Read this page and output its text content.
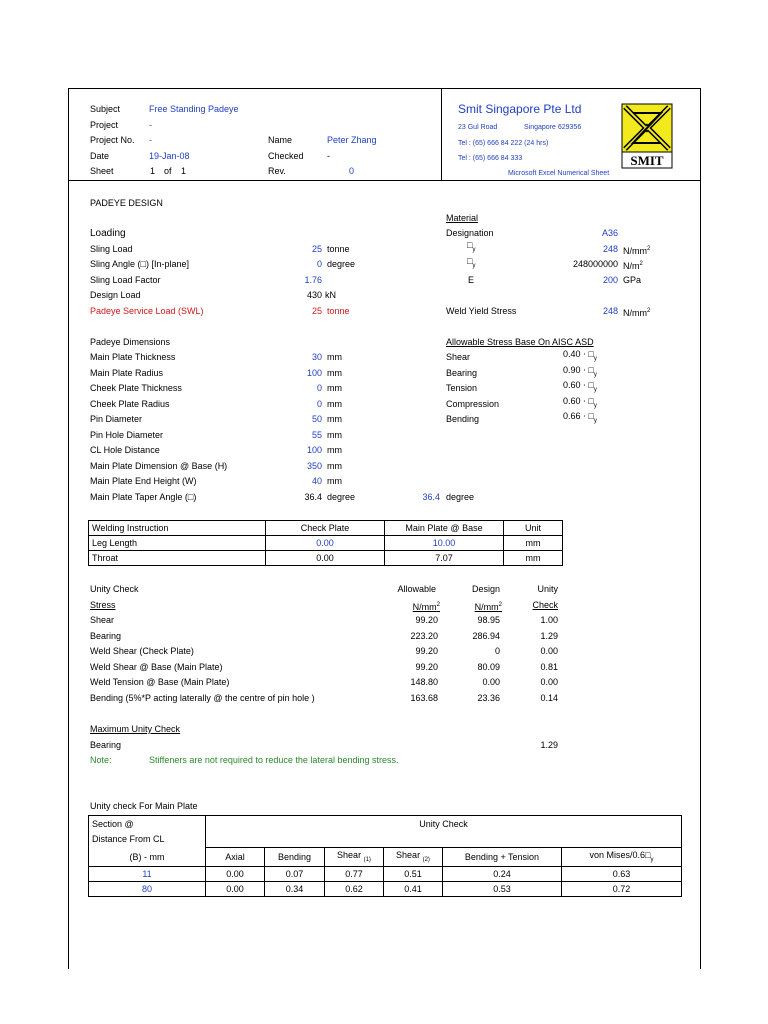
Subject	Free Standing Padeye
Project	-
Project No. -
Date	19-Jan-08
Sheet	1 of 1
Name	Peter Zhang
Checked	-
Rev.	0
Smit Singapore Pte Ltd
23 Gul Road	Singapore 629356
Tel : (65) 666 84 222 (24 hrs)
Tel : (65) 666 84 333
Microsoft Excel Numerical Sheet
SMIT
PADEYE DESIGN
Loading
Sling Load	25 tonne
Sling Angle (□) [In-plane]	0 degree
Sling Load Factor	1.76
Design Load	430 kN
Padeye Service Load (SWL)	25 tonne
Material
Designation	A36
$□_y$	248 $N/mm^2$
$□_y$	248000000 $N/m^2$
E	200 GPa
Weld Yield Stress	248 $N/mm^2$
Padeye Dimensions
Main Plate Thickness	30 mm
Main Plate Radius	100 mm
Cheek Plate Thickness	0 mm
Cheek Plate Radius	0 mm
Pin Diameter	50 mm
Pin Hole Diameter	55 mm
CL Hole Distance	100 mm
Main Plate Dimension @ Base (H)	350 mm
Main Plate End Height (W)	40 mm
Main Plate Taper Angle (□)	36.4 degree	36.4 degree
Allowable Stress Base On AISC ASD
Shear	$0.40 \cdot □_y$
Bearing	$0.90 \cdot □_y$
Tension	$0.60 \cdot □_y$
Compression	$0.60 \cdot □_y$
Bending	$0.66 \cdot □_y$
Welding Instruction	Check Plate	Main Plate @ Base	Unit
Leg Length	0.00	10.00	mm
Throat	0.00	7.07	mm
Unity Check	Allowable	Design	Unity
Stress	$N/mm^2$	$N/mm^2$	Check
Shear	99.20	98.95	1.00
Bearing	223.20	286.94	1.29
Weld Shear (Check Plate)	99.20	0	0.00
Weld Shear @ Base (Main Plate)	99.20	80.09	0.81
Weld Tension @ Base (Main Plate)	148.80	0.00	0.00
Bending (5%*P acting laterally @ the centre of pin hole )	163.68	23.36	0.14
Maximum Unity Check
Bearing	1.29
Note:	Stiffeners are not required to reduce the lateral bending stress.
Unity check For Main Plate
Section @
Distance From CL	Unity Check					
(B) - mm	Axial	Bending	Shear $_{(1)}$	Shear $_{(2)}$	Bending + Tension	von Mises/$0.6□_y$
11	0.00	0.07	0.77	0.51	0.24	0.63
80	0.00	0.34	0.62	0.41	0.53	0.72
